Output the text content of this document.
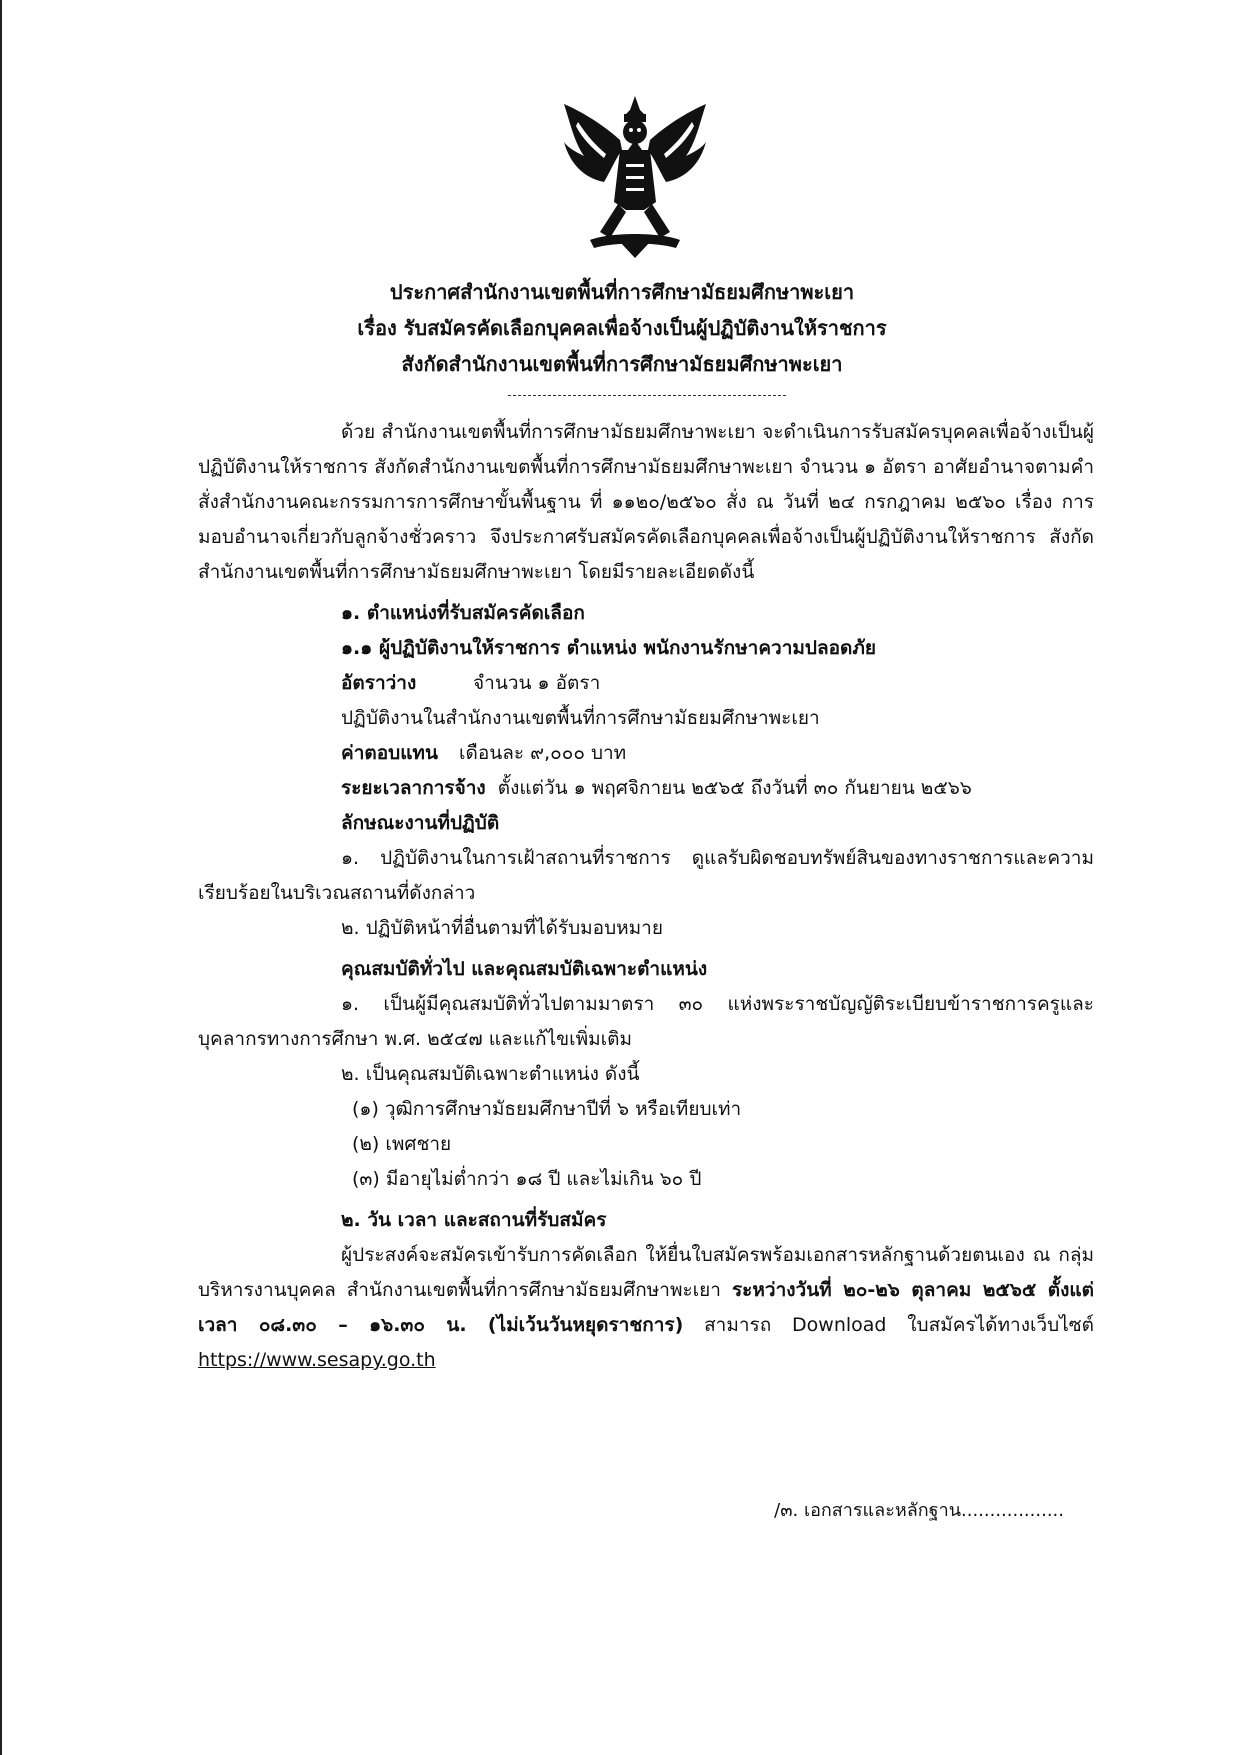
ประกาศสำนักงานเขตพื้นที่การศึกษามัธยมศึกษาพะเยา
เรื่อง รับสมัครคัดเลือกบุคคลเพื่อจ้างเป็นผู้ปฏิบัติงานให้ราชการ
สังกัดสำนักงานเขตพื้นที่การศึกษามัธยมศึกษาพะเยา

ด้วย สำนักงานเขตพื้นที่การศึกษามัธยมศึกษาพะเยา จะดำเนินการรับสมัครบุคคลเพื่อจ้างเป็นผู้ปฏิบัติงานให้ราชการ สังกัดสำนักงานเขตพื้นที่การศึกษามัธยมศึกษาพะเยา จำนวน ๑ อัตรา อาศัยอำนาจตามคำสั่งสำนักงานคณะกรรมการการศึกษาขั้นพื้นฐาน ที่ ๑๑๒๐/๒๕๖๐ สั่ง ณ วันที่ ๒๔ กรกฎาคม ๒๕๖๐ เรื่อง การมอบอำนาจเกี่ยวกับลูกจ้างชั่วคราว จึงประกาศรับสมัครคัดเลือกบุคคลเพื่อจ้างเป็นผู้ปฏิบัติงานให้ราชการ สังกัดสำนักงานเขตพื้นที่การศึกษามัธยมศึกษาพะเยา โดยมีรายละเอียดดังนี้

๑. ตำแหน่งที่รับสมัครคัดเลือก

๑.๑ ผู้ปฏิบัติงานให้ราชการ ตำแหน่ง พนักงานรักษาความปลอดภัย

อัตราว่าง	จำนวน ๑ อัตรา

ปฏิบัติงานในสำนักงานเขตพื้นที่การศึกษามัธยมศึกษาพะเยา

ค่าตอบแทน เดือนละ ๙,๐๐๐ บาท

ระยะเวลาการจ้าง ตั้งแต่วัน ๑ พฤศจิกายน ๒๕๖๕ ถึงวันที่ ๓๐ กันยายน ๒๕๖๖

ลักษณะงานที่ปฏิบัติ

๑. ปฏิบัติงานในการเฝ้าสถานที่ราชการ ดูแลรับผิดชอบทรัพย์สินของทางราชการและความเรียบร้อยในบริเวณสถานที่ดังกล่าว

๒. ปฏิบัติหน้าที่อื่นตามที่ได้รับมอบหมาย

คุณสมบัติทั่วไป และคุณสมบัติเฉพาะตำแหน่ง

๑. เป็นผู้มีคุณสมบัติทั่วไปตามมาตรา ๓๐ แห่งพระราชบัญญัติระเบียบข้าราชการครูและบุคลากรทางการศึกษา พ.ศ. ๒๕๔๗ และแก้ไขเพิ่มเติม

๒. เป็นคุณสมบัติเฉพาะตำแหน่ง ดังนี้

(๑) วุฒิการศึกษามัธยมศึกษาปีที่ ๖ หรือเทียบเท่า

(๒) เพศชาย

(๓) มีอายุไม่ต่ำกว่า ๑๘ ปี และไม่เกิน ๖๐ ปี

๒. วัน เวลา และสถานที่รับสมัคร

ผู้ประสงค์จะสมัครเข้ารับการคัดเลือก ให้ยื่นใบสมัครพร้อมเอกสารหลักฐานด้วยตนเอง ณ กลุ่มบริหารงานบุคคล สำนักงานเขตพื้นที่การศึกษามัธยมศึกษาพะเยา ระหว่างวันที่ ๒๐-๒๖ ตุลาคม ๒๕๖๕ ตั้งแต่เวลา ๐๘.๓๐ – ๑๖.๓๐ น. (ไม่เว้นวันหยุดราชการ) สามารถ Download ใบสมัครได้ทางเว็บไซต์ https://www.sesapy.go.th

/๓. เอกสารและหลักฐาน..................
